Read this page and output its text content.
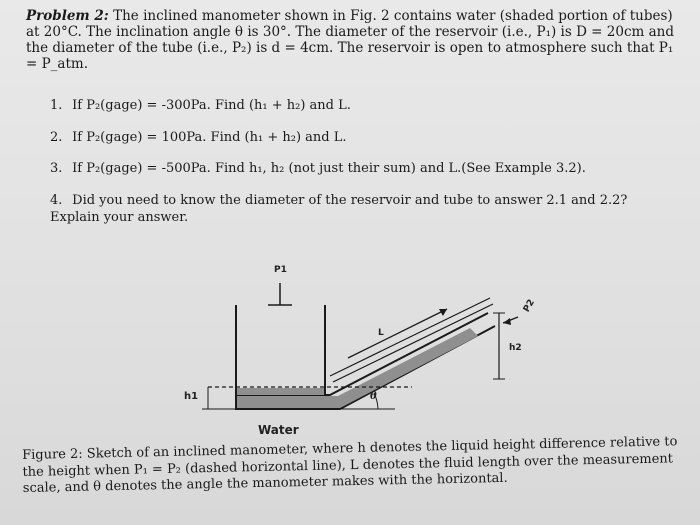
Problem 2: The inclined manometer shown in Fig. 2 contains water (shaded portion of tubes) at 20°C. The inclination angle θ is 30°. The diameter of the reservoir (i.e., P₁) is D = 20cm and the diameter of the tube (i.e., P₂) is d = 4cm. The reservoir is open to atmosphere such that P₁ = P_atm.
1. If P₂(gage) = -300Pa. Find (h₁ + h₂) and L.
2. If P₂(gage) = 100Pa. Find (h₁ + h₂) and L.
3. If P₂(gage) = -500Pa. Find h₁, h₂ (not just their sum) and L.(See Example 3.2).
4. Did you need to know the diameter of the reservoir and tube to answer 2.1 and 2.2? Explain your answer.
P1
P2
L
h2
h1	θ
Water
Figure 2: Sketch of an inclined manometer, where h denotes the liquid height difference relative to the height when P₁ = P₂ (dashed horizontal line), L denotes the fluid length over the measurement scale, and θ denotes the angle the manometer makes with the horizontal.
